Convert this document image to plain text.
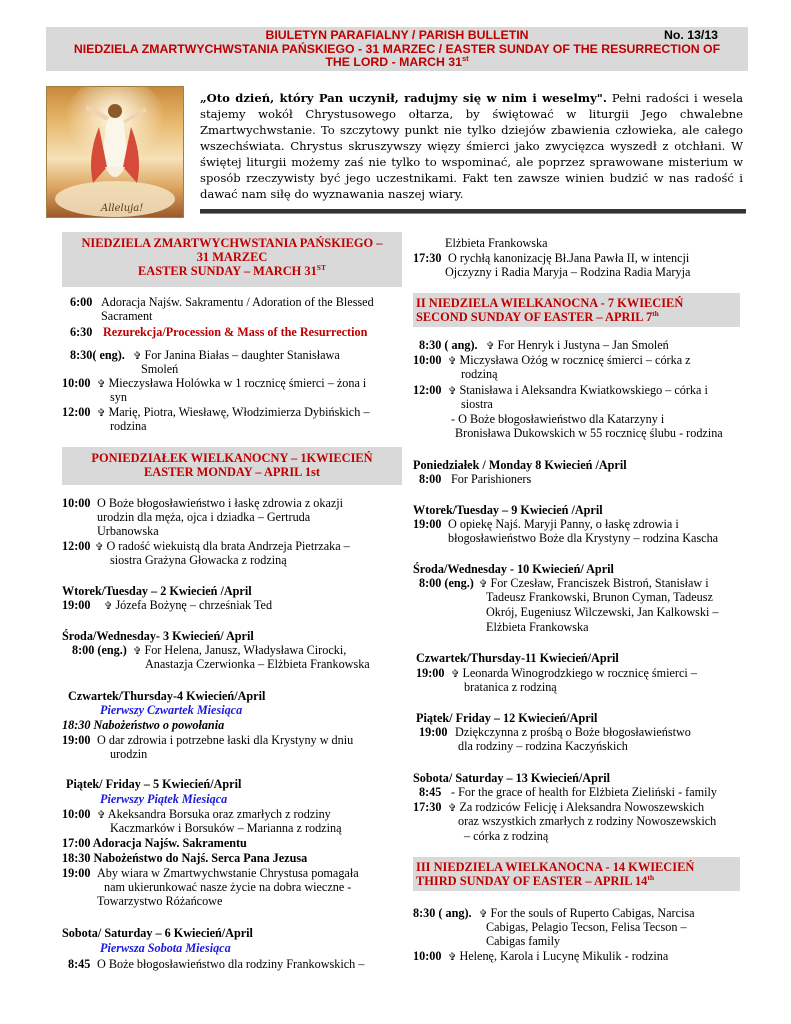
BIULETYN PARAFIALNY / PARISH BULLETIN	No. 13/13
NIEDZIELA ZMARTWYCHWSTANIA PAŃSKIEGO - 31 MARZEC / EASTER SUNDAY OF THE RESURRECTION OF
THE LORD - MARCH 31st
Alleluja!
„Oto dzień, który Pan uczynił, radujmy się w nim i weselmy". Pełni radości i wesela stajemy wokół Chrystusowego ołtarza, by świętować w liturgii Jego chwalebne Zmartwychwstanie. To szczytowy punkt nie tylko dziejów zbawienia człowieka, ale całego wszechświata. Chrystus skruszywszy więzy śmierci jako zwycięzca wyszedł z otchłani. W świętej liturgii możemy zaś nie tylko to wspominać, ale poprzez sprawowane misterium w sposób rzeczywisty być jego uczestnikami. Fakt ten zawsze winien budzić w nas radość i dawać nam siłę do wyznawania naszej wiary.
NIEDZIELA ZMARTWYCHWSTANIA PAŃSKIEGO –
31 MARZEC
EASTER SUNDAY – MARCH 31ST
6:00 Adoracja Najśw. Sakramentu / Adoration of the Blessed
Sacrament
6:30 Rezurekcja/Procession & Mass of the Resurrection
8:30( eng). ✞ For Janina Białas – daughter Stanisława
Smoleń
10:00 ✞ Mieczysława Holówka w 1 rocznicę śmierci – żona i
syn
12:00 ✞ Marię, Piotra, Wiesławę, Włodzimierza Dybińskich –
rodzina
PONIEDZIAŁEK WIELKANOCNY – 1KWIECIEŃ
EASTER MONDAY – APRIL 1st
10:00 O Boże błogosławieństwo i łaskę zdrowia z okazji
urodzin dla męża, ojca i dziadka – Gertruda
Urbanowska
12:00 ✞ O radość wiekuistą dla brata Andrzeja Pietrzaka –
siostra Grażyna Głowacka z rodziną
Wtorek/Tuesday – 2 Kwiecień /April
19:00 ✞ Józefa Bożynę – chrześniak Ted
Środa/Wednesday- 3 Kwiecień/ April
8:00 (eng.) ✞ For Helena, Janusz, Władysława Cirocki,
Anastazja Czerwionka – Elżbieta Frankowska
Czwartek/Thursday-4 Kwiecień/April
Pierwszy Czwartek Miesiąca
18:30 Nabożeństwo o powołania
19:00 O dar zdrowia i potrzebne łaski dla Krystyny w dniu
urodzin
Piątek/ Friday – 5 Kwiecień/April
Pierwszy Piątek Miesiąca
10:00 ✞ Akeksandra Borsuka oraz zmarłych z rodziny
Kaczmarków i Borsuków – Marianna z rodziną
17:00 Adoracja Najśw. Sakramentu
18:30 Nabożeństwo do Najś. Serca Pana Jezusa
19:00 Aby wiara w Zmartwychwstanie Chrystusa pomagała
nam ukierunkować nasze życie na dobra wieczne -
Towarzystwo Różańcowe
Sobota/ Saturday – 6 Kwiecień/April
Pierwsza Sobota Miesiąca
8:45 O Boże błogosławieństwo dla rodziny Frankowskich –
Elżbieta Frankowska
17:30 O rychłą kanonizację Bł.Jana Pawła II, w intencji
Ojczyzny i Radia Maryja – Rodzina Radia Maryja
II NIEDZIELA WIELKANOCNA - 7 KWIECIEŃ
SECOND SUNDAY OF EASTER – APRIL 7th
8:30 ( ang). ✞ For Henryk i Justyna – Jan Smoleń
10:00 ✞ Miczysława Ożóg w rocznicę śmierci – córka z
rodziną
12:00 ✞ Stanisława i Aleksandra Kwiatkowskiego – córka i
siostra
- O Boże błogosławieństwo dla Katarzyny i
Bronisława Dukowskich w 55 rocznicę ślubu - rodzina
Poniedziałek / Monday 8 Kwiecień /April
8:00 For Parishioners
Wtorek/Tuesday – 9 Kwiecień /April
19:00 O opiekę Najś. Maryji Panny, o łaskę zdrowia i
błogosławieństwo Boże dla Krystyny – rodzina Kascha
Środa/Wednesday - 10 Kwiecień/ April
8:00 (eng.) ✞ For Czesław, Franciszek Bistroń, Stanisław i
Tadeusz Frankowski, Brunon Cyman, Tadeusz
Okrój, Eugeniusz Wilczewski, Jan Kalkowski –
Elżbieta Frankowska
Czwartek/Thursday-11 Kwiecień/April
19:00 ✞ Leonarda Winogrodzkiego w rocznicę śmierci –
bratanica z rodziną
Piątek/ Friday – 12 Kwiecień/April
19:00 Dziękczynna z prośbą o Boże błogosławieństwo
dla rodziny – rodzina Kaczyńskich
Sobota/ Saturday – 13 Kwiecień/April
8:45 - For the grace of health for Elżbieta Zieliński - family
17:30 ✞ Za rodziców Felicję i Aleksandra Nowoszewskich
oraz wszystkich zmarłych z rodziny Nowoszewskich
– córka z rodziną
III NIEDZIELA WIELKANOCNA - 14 KWIECIEŃ
THIRD SUNDAY OF EASTER – APRIL 14th
8:30 ( ang). ✞ For the souls of Ruperto Cabigas, Narcisa
Cabigas, Pelagio Tecson, Felisa Tecson –
Cabigas family
10:00 ✞ Helenę, Karola i Lucynę Mikulik - rodzina
